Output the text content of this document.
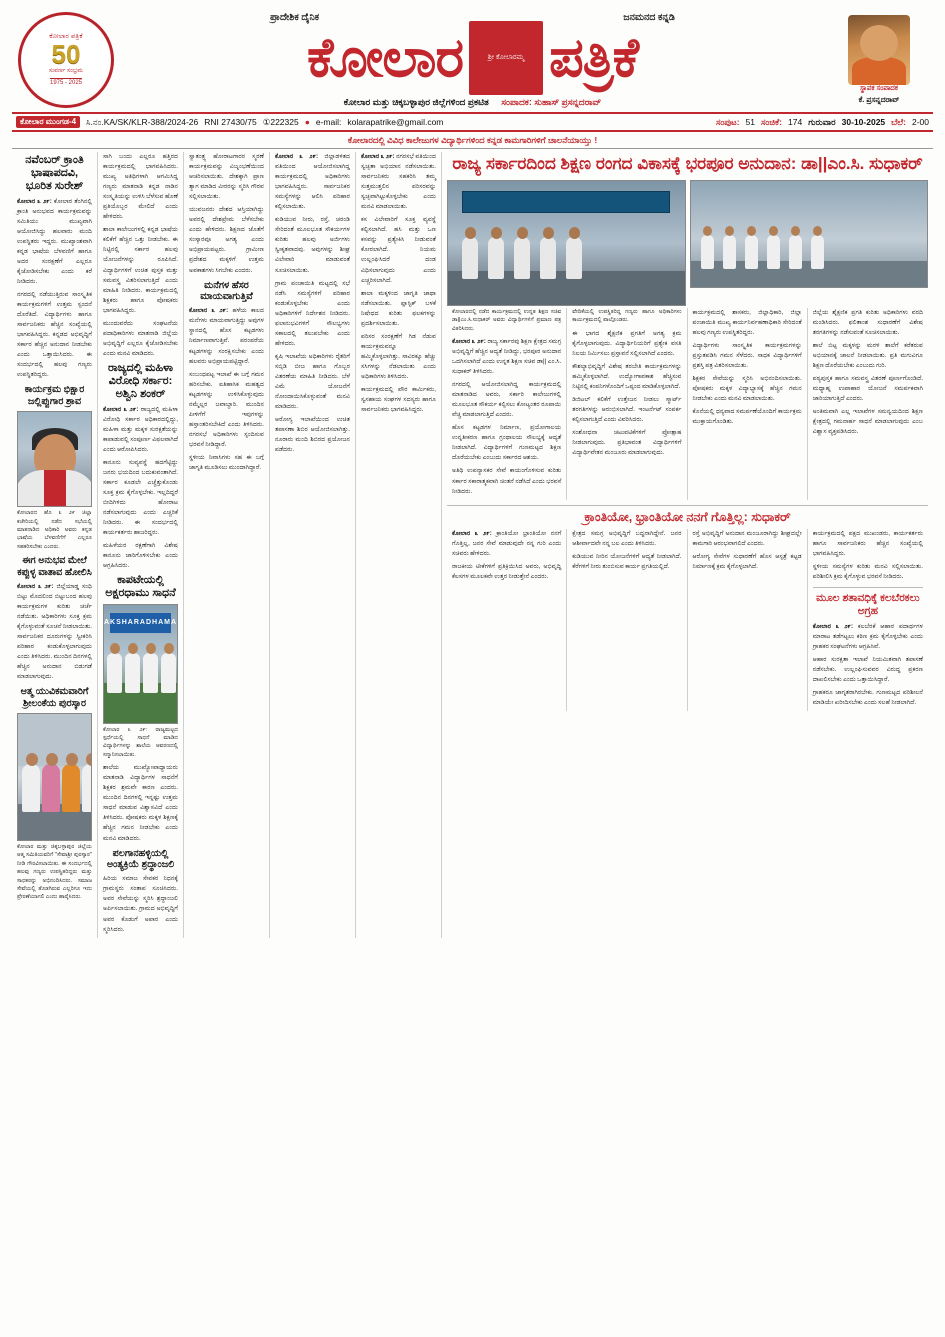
ಕೋಲಾರ ಪತ್ರಿಕೆ
50
ಸುವರ್ಣ ಸಂಭ್ರಮ
1975 - 2025
ಪ್ರಾದೇಶಿಕ ದೈನಿಕ	ಜನಮನದ ಕನ್ನಡಿ
ಕೋಲಾರ	ಶ್ರೀ ಕೋಲಾರಮ್ಮ ಪತ್ರಿಕೆ
ಕೋಲಾರ ಮತ್ತು ಚಿಕ್ಕಬಳ್ಳಾಪುರ ಜಿಲ್ಲೆಗಳಿಂದ ಪ್ರಕಟಿತ ಸಂಪಾದಕ: ಸುಹಾಸ್ ಪ್ರಸನ್ನದರಾವ್
ಸ್ಥಾಪಕ ಸಂಪಾದಕ
ಕೆ. ಪ್ರಸನ್ನದರಾವ್
ಕೋಲಾರ ಮುಂಗಡ-4	ಸಿ.ನಂ.KA/SK/KLR-388/2024-26 RNI 27430/75 ①222325 ● e-mail: kolarapatrike@gmail.com	ಸಂಪುಟ: 51 ಸಂಚಿಕೆ: 174 ಗುರುವಾರ 30-10-2025 ಬೆಲೆ: 2-00
ಕೋಲಾರದಲ್ಲಿ ವಿವಿಧ ಕಾಲೇಜುಗಳ ವಿದ್ಯಾರ್ಥಿಗಳಿಂದ ಕನ್ನಡ ಕಾಮಗಾರಿಗಳಿಗೆ ಚಾಲನೆಯಾಯ್ತು !
ನವೆಂಬರ್ ಕ್ರಾಂತಿ ಭಾಷಾಪದವಿ, ಭೂರಿತ ಸುರೇಶ್

ಕೋಲಾರ ೩ ೨೯: ಕೋಲಾರ ತೆಂಗಿನಲ್ಲಿ ಕ್ರಾಂತಿ ಅನುಭವದ ಕಾರ್ಯಕ್ರಮವನ್ನು ಸಮಿತಿಯು ಮುಖ್ಯವಾಗಿ ಆಯೋಜಿಸಿದ್ದು ಹಲವಾರು ಮಂದಿ ಉಪಸ್ಥಿತರು ಇದ್ದರು. ಮುಖ್ಯಾಂಶವಾಗಿ ಕನ್ನಡ ಭಾಷೆಯ ಬೆಳವಣಿಗೆ ಹಾಗೂ ಅದರ ಸಂರಕ್ಷಣೆಗೆ ಎಲ್ಲರೂ ಕೈಜೋಡಿಸಬೇಕು ಎಂದು ಕರೆ ನೀಡಿದರು.

ನಗರದಲ್ಲಿ ನಡೆಯುತ್ತಿರುವ ಸಾಂಸ್ಕೃತಿಕ ಕಾರ್ಯಕ್ರಮಗಳಿಗೆ ಉತ್ತಮ ಸ್ಪಂದನೆ ದೊರೆತಿದೆ. ವಿದ್ಯಾರ್ಥಿಗಳು ಹಾಗೂ ಸಾರ್ವಜನಿಕರು ಹೆಚ್ಚಿನ ಸಂಖ್ಯೆಯಲ್ಲಿ ಭಾಗವಹಿಸಿದ್ದರು. ಕನ್ನಡದ ಅಭಿವೃದ್ಧಿಗೆ ಸರ್ಕಾರ ಹೆಚ್ಚಿನ ಅನುದಾನ ನೀಡಬೇಕು ಎಂದು ಒತ್ತಾಯಿಸಿದರು. ಈ ಸಂದರ್ಭದಲ್ಲಿ ಹಲವು ಗಣ್ಯರು ಉಪಸ್ಥಿತರಿದ್ದರು.

ಕಾರ್ಯಕ್ರಮ ಭಿಕ್ಷಾರ ಜಲ್ಲಿಪ್ಪುಗಾರ ಶ್ರಾವ

ಕೋಲಾರದ ಹೊ ೩ ೨೯ ಜಿಲ್ಲಾ ಕಚೇರಿಯಲ್ಲಿ ನಡೆದ ಸಭೆಯಲ್ಲಿ ಮಾತನಾಡಿದ ಅಧಿಕಾರಿ ಅವರು ಕನ್ನಡ ಭಾಷೆಯ ಬೆಳವಣಿಗೆಗೆ ಎಲ್ಲರೂ ಸಹಕರಿಸಬೇಕು ಎಂದರು.

ಈಗ ಅನುಭವ ಮೇಲೆ ಕಪ್ಪುಳ್ಳ ವಾತಾವ ಹೋಲಿಸಿ

ಕೋಲಾರ ೩ ೨೯: ಜಿಲ್ಲೆಯಾಡ್ಡ ಸಂಧಿ ಬಿಟ್ಟು ಮೊದಲಿಂದ ಬಿಟ್ಟುಬಂದ ಹಲವು ಕಾರ್ಯಕ್ರಮಗಳ ಕುರಿತು ಚರ್ಚೆ ನಡೆಯಿತು. ಅಧಿಕಾರಿಗಳು ಸೂಕ್ತ ಕ್ರಮ ಕೈಗೊಳ್ಳುವಂತೆ ಸೂಚನೆ ನೀಡಲಾಯಿತು. ಸಾರ್ವಜನಿಕರ ದೂರುಗಳನ್ನು ಸ್ವೀಕರಿಸಿ ಪರಿಹಾರ ಕಂಡುಕೊಳ್ಳಲಾಗುವುದು ಎಂದು ತಿಳಿಸಿದರು. ಮುಂದಿನ ದಿನಗಳಲ್ಲಿ ಹೆಚ್ಚಿನ ಅನುದಾನ ಬಿಡುಗಡೆ ಮಾಡಲಾಗುವುದು.

ಆತ್ಮ ಯುವಿಕಮವಾರಿಗೆ ಶ್ರೀಲಂಕೆಯ ಪುರಸ್ಕಾರ

ಕೋಲಾರ ಮತ್ತು ಚಿಕ್ಕಬಳ್ಳಾಪುರ ಜಿಲ್ಲೆಯ ಆತ್ಮ ಸಮಿತಿಯವರಿಗೆ "ಸೇವಾಶ್ರೀ ಪುರಸ್ಕಾರ" ನೀಡಿ ಗೌರವಿಸಲಾಯಿತು. ಈ ಸಂದರ್ಭದಲ್ಲಿ ಹಲವು ಗಣ್ಯರು ಉಪಸ್ಥಿತರಿದ್ದರು ಮತ್ತು ಸಾಧಕರನ್ನು ಅಭಿನಂದಿಸಿದರು. ಸಮಾಜ ಸೇವೆಯಲ್ಲಿ ತೊಡಗಿರುವ ಎಲ್ಲರಿಗೂ ಇದು ಪ್ರೇರಣೆಯಾಗಲಿ ಎಂದು ಹಾರೈಸಿದರು.

ಸಾಗಿ ಬಂದು ಎಲ್ಲರೂ ಹತ್ತಿರದ ಕಾರ್ಯಕ್ರಮದಲ್ಲಿ ಭಾಗವಹಿಸಿದರು. ಮುಖ್ಯ ಅತಿಥಿಗಳಾಗಿ ಆಗಮಿಸಿದ್ದ ಗಣ್ಯರು ಮಾತನಾಡಿ ಕನ್ನಡ ನಾಡಿನ ಸಂಸ್ಕೃತಿಯನ್ನು ಉಳಿಸಿ ಬೆಳೆಸುವ ಹೊಣೆ ಪ್ರತಿಯೊಬ್ಬರ ಮೇಲಿದೆ ಎಂದು ಹೇಳಿದರು.

ಶಾಲಾ ಕಾಲೇಜುಗಳಲ್ಲಿ ಕನ್ನಡ ಭಾಷೆಯ ಕಲಿಕೆಗೆ ಹೆಚ್ಚಿನ ಒತ್ತು ನೀಡಬೇಕು. ಈ ನಿಟ್ಟಿನಲ್ಲಿ ಸರ್ಕಾರ ಹಲವು ಯೋಜನೆಗಳನ್ನು ರೂಪಿಸಿದೆ. ವಿದ್ಯಾರ್ಥಿಗಳಿಗೆ ಉಚಿತ ಪುಸ್ತಕ ಮತ್ತು ಸಮವಸ್ತ್ರ ವಿತರಿಸಲಾಗುತ್ತಿದೆ ಎಂದು ಮಾಹಿತಿ ನೀಡಿದರು. ಕಾರ್ಯಕ್ರಮದಲ್ಲಿ ಶಿಕ್ಷಕರು ಹಾಗೂ ಪೋಷಕರು ಭಾಗವಹಿಸಿದ್ದರು.

ಮುಂದುವರೆದು ಸಂಘಟನೆಯ ಪದಾಧಿಕಾರಿಗಳು ಮಾತನಾಡಿ ಜಿಲ್ಲೆಯ ಅಭಿವೃದ್ಧಿಗೆ ಎಲ್ಲರೂ ಕೈಜೋಡಿಸಬೇಕು ಎಂದು ಮನವಿ ಮಾಡಿದರು.

ರಾಜ್ಯದಲ್ಲಿ ಮಹಿಳಾ ವಿರೋಧಿ ಸರ್ಕಾರ: ಅಶ್ವಿನಿ ಶಂಕರ್

ಕೋಲಾರ ೩ ೨೯: ರಾಜ್ಯದಲ್ಲಿ ಮಹಿಳಾ ವಿರೋಧಿ ಸರ್ಕಾರ ಅಧಿಕಾರದಲ್ಲಿದ್ದು, ಮಹಿಳಾ ಮತ್ತು ಮಕ್ಕಳ ಸುರಕ್ಷತೆಯನ್ನು ಕಾಪಾಡುವಲ್ಲಿ ಸಂಪೂರ್ಣ ವಿಫಲವಾಗಿದೆ ಎಂದು ಆರೋಪಿಸಿದರು.

ಕಾನೂನು ಸುವ್ಯವಸ್ಥೆ ಹದಗೆಟ್ಟಿದ್ದು ಜನರು ಭಯದಿಂದ ಬದುಕುವಂತಾಗಿದೆ. ಸರ್ಕಾರ ಕೂಡಲೇ ಎಚ್ಚೆತ್ತುಕೊಂಡು ಸೂಕ್ತ ಕ್ರಮ ಕೈಗೊಳ್ಳಬೇಕು. ಇಲ್ಲದಿದ್ದರೆ ಬೀದಿಗಿಳಿದು ಹೋರಾಟ ನಡೆಸಲಾಗುವುದು ಎಂದು ಎಚ್ಚರಿಕೆ ನೀಡಿದರು. ಈ ಸಂದರ್ಭದಲ್ಲಿ ಕಾರ್ಯಕರ್ತರು ಹಾಜರಿದ್ದರು.

ಮಹಿಳೆಯರ ರಕ್ಷಣೆಗಾಗಿ ವಿಶೇಷ ಕಾನೂನು ಜಾರಿಗೊಳಿಸಬೇಕು ಎಂದು ಆಗ್ರಹಿಸಿದರು.

ಕಾಪಟೇಯಲ್ಲಿ ಅಕ್ಷರಧಾಮು ಸಾಧನೆ
AKSHARADHAMA

ಕೋಲಾರ ೩ ೨೯: ರಾಜ್ಯಮಟ್ಟದ ಸ್ಪರ್ಧೆಯಲ್ಲಿ ಸಾಧನೆ ಮಾಡಿದ ವಿದ್ಯಾರ್ಥಿಗಳನ್ನು ಶಾಲೆಯ ಆವರಣದಲ್ಲಿ ಸನ್ಮಾನಿಸಲಾಯಿತು.

ಶಾಲೆಯ ಮುಖ್ಯೋಪಾಧ್ಯಾಯರು ಮಾತನಾಡಿ ವಿದ್ಯಾರ್ಥಿಗಳ ಸಾಧನೆಗೆ ಶಿಕ್ಷಕರ ಶ್ರಮವೇ ಕಾರಣ ಎಂದರು. ಮುಂದಿನ ದಿನಗಳಲ್ಲಿ ಇನ್ನಷ್ಟು ಉತ್ತಮ ಸಾಧನೆ ಮಾಡುವ ವಿಶ್ವಾಸವಿದೆ ಎಂದು ತಿಳಿಸಿದರು. ಪೋಷಕರು ಮಕ್ಕಳ ಶಿಕ್ಷಣಕ್ಕೆ ಹೆಚ್ಚಿನ ಗಮನ ನೀಡಬೇಕು ಎಂದು ಮನವಿ ಮಾಡಿದರು.

ಪಲಗಾನಹಳ್ಳಿಯಲ್ಲಿ ಅಂತ್ಯಕ್ರಿಯೆ ಶ್ರದ್ಧಾಂಜಲಿ

ಹಿರಿಯ ಸಮಾಜ ಸೇವಕರ ನಿಧನಕ್ಕೆ ಗ್ರಾಮಸ್ಥರು ಸಂತಾಪ ಸೂಚಿಸಿದರು. ಅವರ ಸೇವೆಯನ್ನು ಸ್ಮರಿಸಿ ಶ್ರದ್ಧಾಂಜಲಿ ಅರ್ಪಿಸಲಾಯಿತು. ಗ್ರಾಮದ ಅಭಿವೃದ್ಧಿಗೆ ಅವರ ಕೊಡುಗೆ ಅಪಾರ ಎಂದು ಸ್ಮರಿಸಿದರು.

ಸ್ವಾತಂತ್ರ್ಯ ಹೋರಾಟಗಾರರ ಸ್ಮರಣೆ ಕಾರ್ಯಕ್ರಮವನ್ನು ವಿಜೃಂಭಣೆಯಿಂದ ಆಚರಿಸಲಾಯಿತು. ದೇಶಕ್ಕಾಗಿ ಪ್ರಾಣ ತ್ಯಾಗ ಮಾಡಿದ ವೀರರನ್ನು ಸ್ಮರಿಸಿ ಗೌರವ ಸಲ್ಲಿಸಲಾಯಿತು.

ಯುವಜನರು ದೇಶದ ಆಸ್ತಿಯಾಗಿದ್ದು ಅವರಲ್ಲಿ ದೇಶಪ್ರೇಮ ಬೆಳೆಸಬೇಕು ಎಂದು ಹೇಳಿದರು. ಶಿಕ್ಷಣದ ಜೊತೆಗೆ ಸಂಸ್ಕಾರವೂ ಅಗತ್ಯ ಎಂದು ಅಭಿಪ್ರಾಯಪಟ್ಟರು. ಗ್ರಾಮೀಣ ಪ್ರದೇಶದ ಮಕ್ಕಳಿಗೆ ಉತ್ತಮ ಅವಕಾಶಗಳು ಸಿಗಬೇಕು ಎಂದರು.

ಮನೆಗಳ ಹೆಸರ ಮಾಯವಾಗುತ್ತಿವೆ

ಕೋಲಾರ ೩ ೨೯: ಹಳೆಯ ಕಾಲದ ಮನೆಗಳು ಮಾಯವಾಗುತ್ತಿದ್ದು ಅವುಗಳ ಸ್ಥಾನದಲ್ಲಿ ಹೊಸ ಕಟ್ಟಡಗಳು ನಿರ್ಮಾಣವಾಗುತ್ತಿವೆ. ಪರಂಪರೆಯ ಕಟ್ಟಡಗಳನ್ನು ಸಂರಕ್ಷಿಸಬೇಕು ಎಂದು ಹಲವರು ಅಭಿಪ್ರಾಯಪಟ್ಟಿದ್ದಾರೆ.

ಸಂಬಂಧಪಟ್ಟ ಇಲಾಖೆ ಈ ಬಗ್ಗೆ ಗಮನ ಹರಿಸಬೇಕು. ಐತಿಹಾಸಿಕ ಮಹತ್ವದ ಕಟ್ಟಡಗಳನ್ನು ಉಳಿಸಿಕೊಳ್ಳುವುದು ನಮ್ಮೆಲ್ಲರ ಜವಾಬ್ದಾರಿ. ಮುಂದಿನ ಪೀಳಿಗೆಗೆ ಇವುಗಳನ್ನು ಹಸ್ತಾಂತರಿಸಬೇಕಿದೆ ಎಂದು ತಿಳಿಸಿದರು. ನಗರಸಭೆ ಅಧಿಕಾರಿಗಳು ಸ್ಪಂದಿಸುವ ಭರವಸೆ ನೀಡಿದ್ದಾರೆ.

ಸ್ಥಳೀಯ ನಿವಾಸಿಗಳು ಸಹ ಈ ಬಗ್ಗೆ ಜಾಗೃತಿ ಮೂಡಿಸಲು ಮುಂದಾಗಿದ್ದಾರೆ.

ಕೋಲಾರ ೩ ೨೯: ಜಿಲ್ಲಾಡಳಿತದ ವತಿಯಿಂದ ಆಯೋಜಿಸಲಾಗಿದ್ದ ಕಾರ್ಯಕ್ರಮದಲ್ಲಿ ಅಧಿಕಾರಿಗಳು ಭಾಗವಹಿಸಿದ್ದರು. ಸಾರ್ವಜನಿಕರ ಸಮಸ್ಯೆಗಳನ್ನು ಆಲಿಸಿ ಪರಿಹಾರ ಕಲ್ಪಿಸಲಾಯಿತು.

ಕುಡಿಯುವ ನೀರು, ರಸ್ತೆ, ಚರಂಡಿ ಸೇರಿದಂತೆ ಮೂಲಭೂತ ಸೌಕರ್ಯಗಳ ಕುರಿತು ಹಲವು ಅರ್ಜಿಗಳು ಸ್ವೀಕೃತವಾದವು. ಅವುಗಳನ್ನು ಶೀಘ್ರ ವಿಲೇವಾರಿ ಮಾಡುವಂತೆ ಸೂಚಿಸಲಾಯಿತು.

ಗ್ರಾಮ ಪಂಚಾಯಿತಿ ಮಟ್ಟದಲ್ಲಿ ಸಭೆ ನಡೆಸಿ ಸಮಸ್ಯೆಗಳಿಗೆ ಪರಿಹಾರ ಕಂಡುಕೊಳ್ಳಬೇಕು ಎಂದು ಅಧಿಕಾರಿಗಳಿಗೆ ನಿರ್ದೇಶನ ನೀಡಿದರು. ಫಲಾನುಭವಿಗಳಿಗೆ ಸೌಲಭ್ಯಗಳು ಸಕಾಲದಲ್ಲಿ ತಲುಪಬೇಕು ಎಂದು ಹೇಳಿದರು.

ಕೃಷಿ ಇಲಾಖೆಯ ಅಧಿಕಾರಿಗಳು ರೈತರಿಗೆ ಸಬ್ಸಿಡಿ ಬೀಜ ಹಾಗೂ ಗೊಬ್ಬರ ವಿತರಣೆಯ ಮಾಹಿತಿ ನೀಡಿದರು. ಬೆಳೆ ವಿಮೆ ಯೋಜನೆಗೆ ನೋಂದಾಯಿಸಿಕೊಳ್ಳುವಂತೆ ಮನವಿ ಮಾಡಿದರು.

ಆರೋಗ್ಯ ಇಲಾಖೆಯಿಂದ ಉಚಿತ ತಪಾಸಣಾ ಶಿಬಿರ ಆಯೋಜಿಸಲಾಗಿತ್ತು. ನೂರಾರು ಮಂದಿ ಶಿಬಿರದ ಪ್ರಯೋಜನ ಪಡೆದರು.

ಕೋಲಾರ ೩ ೨೯: ನಗರಸಭೆ ವತಿಯಿಂದ ಸ್ವಚ್ಛತಾ ಅಭಿಯಾನ ನಡೆಸಲಾಯಿತು. ಸಾರ್ವಜನಿಕರು ಸಹಕರಿಸಿ ತಮ್ಮ ಸುತ್ತಮುತ್ತಲಿನ ಪರಿಸರವನ್ನು ಸ್ವಚ್ಛವಾಗಿಟ್ಟುಕೊಳ್ಳಬೇಕು ಎಂದು ಮನವಿ ಮಾಡಲಾಯಿತು.

ಕಸ ವಿಲೇವಾರಿಗೆ ಸೂಕ್ತ ವ್ಯವಸ್ಥೆ ಕಲ್ಪಿಸಲಾಗಿದೆ. ಹಸಿ ಮತ್ತು ಒಣ ಕಸವನ್ನು ಪ್ರತ್ಯೇಕಿಸಿ ನೀಡುವಂತೆ ಕೋರಲಾಗಿದೆ. ನಿಯಮ ಉಲ್ಲಂಘಿಸಿದರೆ ದಂಡ ವಿಧಿಸಲಾಗುವುದು ಎಂದು ಎಚ್ಚರಿಸಲಾಗಿದೆ.

ಶಾಲಾ ಮಕ್ಕಳಿಂದ ಜಾಗೃತಿ ಜಾಥಾ ನಡೆಸಲಾಯಿತು. ಪ್ಲಾಸ್ಟಿಕ್ ಬಳಕೆ ನಿಷೇಧದ ಕುರಿತು ಫಲಕಗಳನ್ನು ಪ್ರದರ್ಶಿಸಲಾಯಿತು.

ಪರಿಸರ ಸಂರಕ್ಷಣೆಗೆ ಗಿಡ ನೆಡುವ ಕಾರ್ಯಕ್ರಮವನ್ನೂ ಹಮ್ಮಿಕೊಳ್ಳಲಾಗಿತ್ತು. ಸಾವಿರಕ್ಕೂ ಹೆಚ್ಚು ಸಸಿಗಳನ್ನು ನೆಡಲಾಯಿತು ಎಂದು ಅಧಿಕಾರಿಗಳು ತಿಳಿಸಿದರು.

ಕಾರ್ಯಕ್ರಮದಲ್ಲಿ ಪೌರ ಕಾರ್ಮಿಕರು, ಸ್ವಸಹಾಯ ಸಂಘಗಳ ಸದಸ್ಯರು ಹಾಗೂ ಸಾರ್ವಜನಿಕರು ಭಾಗವಹಿಸಿದ್ದರು.

ರಾಜ್ಯ ಸರ್ಕಾರದಿಂದ ಶಿಕ್ಷಣ ರಂಗದ ವಿಕಾಸಕ್ಕೆ ಭರಪೂರ ಅನುದಾನ: ಡಾ||ಎಂ.ಸಿ. ಸುಧಾಕರ್

ಕೋಲಾರದಲ್ಲಿ ನಡೆದ ಕಾರ್ಯಕ್ರಮದಲ್ಲಿ ಉನ್ನತ ಶಿಕ್ಷಣ ಸಚಿವ ಡಾ||ಎಂ.ಸಿ.ಸುಧಾಕರ್ ಅವರು ವಿದ್ಯಾರ್ಥಿಗಳಿಗೆ ಪ್ರಮಾಣ ಪತ್ರ ವಿತರಿಸಿದರು.

ಕೋಲಾರ ೩ ೨೯: ರಾಜ್ಯ ಸರ್ಕಾರವು ಶಿಕ್ಷಣ ಕ್ಷೇತ್ರದ ಸಮಗ್ರ ಅಭಿವೃದ್ಧಿಗೆ ಹೆಚ್ಚಿನ ಆದ್ಯತೆ ನೀಡಿದ್ದು, ಭರಪೂರ ಅನುದಾನ ಒದಗಿಸಲಾಗಿದೆ ಎಂದು ಉನ್ನತ ಶಿಕ್ಷಣ ಸಚಿವ ಡಾ|| ಎಂ.ಸಿ. ಸುಧಾಕರ್ ತಿಳಿಸಿದರು.

ನಗರದಲ್ಲಿ ಆಯೋಜಿಸಲಾಗಿದ್ದ ಕಾರ್ಯಕ್ರಮದಲ್ಲಿ ಮಾತನಾಡಿದ ಅವರು, ಸರ್ಕಾರಿ ಕಾಲೇಜುಗಳಲ್ಲಿ ಮೂಲಭೂತ ಸೌಕರ್ಯ ಕಲ್ಪಿಸಲು ಕೋಟ್ಯಂತರ ರೂಪಾಯಿ ವೆಚ್ಚ ಮಾಡಲಾಗುತ್ತಿದೆ ಎಂದರು.

ಹೊಸ ಕಟ್ಟಡಗಳ ನಿರ್ಮಾಣ, ಪ್ರಯೋಗಾಲಯ ಉನ್ನತೀಕರಣ ಹಾಗೂ ಗ್ರಂಥಾಲಯ ಸೌಲಭ್ಯಕ್ಕೆ ಆದ್ಯತೆ ನೀಡಲಾಗಿದೆ. ವಿದ್ಯಾರ್ಥಿಗಳಿಗೆ ಗುಣಮಟ್ಟದ ಶಿಕ್ಷಣ ದೊರೆಯಬೇಕು ಎಂಬುದು ಸರ್ಕಾರದ ಆಶಯ.

ಅತಿಥಿ ಉಪನ್ಯಾಸಕರ ಸೇವೆ ಕಾಯಂಗೊಳಿಸುವ ಕುರಿತು ಸರ್ಕಾರ ಸಕಾರಾತ್ಮಕವಾಗಿ ಚಿಂತನೆ ನಡೆಸಿದೆ ಎಂದು ಭರವಸೆ ನೀಡಿದರು.

ವೇದಿಕೆಯಲ್ಲಿ ಉಪಸ್ಥಿತರಿದ್ದ ಗಣ್ಯರು ಹಾಗೂ ಅಧಿಕಾರಿಗಳು ಕಾರ್ಯಕ್ರಮದಲ್ಲಿ ಪಾಲ್ಗೊಂಡರು.

ಈ ಭಾಗದ ಶೈಕ್ಷಣಿಕ ಪ್ರಗತಿಗೆ ಅಗತ್ಯ ಕ್ರಮ ಕೈಗೊಳ್ಳಲಾಗುವುದು. ವಿದ್ಯಾರ್ಥಿನಿಯರಿಗೆ ಪ್ರತ್ಯೇಕ ವಸತಿ ನಿಲಯ ನಿರ್ಮಿಸಲು ಪ್ರಸ್ತಾವನೆ ಸಲ್ಲಿಸಲಾಗಿದೆ ಎಂದರು.

ಕೌಶಲ್ಯಾಭಿವೃದ್ಧಿಗೆ ವಿಶೇಷ ತರಬೇತಿ ಕಾರ್ಯಕ್ರಮಗಳನ್ನು ಹಮ್ಮಿಕೊಳ್ಳಲಾಗಿದೆ. ಉದ್ಯೋಗಾವಕಾಶ ಹೆಚ್ಚಿಸುವ ನಿಟ್ಟಿನಲ್ಲಿ ಕಂಪನಿಗಳೊಂದಿಗೆ ಒಪ್ಪಂದ ಮಾಡಿಕೊಳ್ಳಲಾಗಿದೆ.

ಡಿಜಿಟಲ್ ಕಲಿಕೆಗೆ ಉತ್ತೇಜನ ನೀಡಲು ಸ್ಮಾರ್ಟ್ ತರಗತಿಗಳನ್ನು ಆರಂಭಿಸಲಾಗಿದೆ. ಇಂಟರ್ನೆಟ್ ಸಂಪರ್ಕ ಕಲ್ಪಿಸಲಾಗುತ್ತಿದೆ ಎಂದು ವಿವರಿಸಿದರು.

ಸಂಶೋಧನಾ ಚಟುವಟಿಕೆಗಳಿಗೆ ಪ್ರೋತ್ಸಾಹ ನೀಡಲಾಗುವುದು. ಪ್ರತಿಭಾವಂತ ವಿದ್ಯಾರ್ಥಿಗಳಿಗೆ ವಿದ್ಯಾರ್ಥಿವೇತನ ಮಂಜೂರು ಮಾಡಲಾಗುವುದು.

ಕಾರ್ಯಕ್ರಮದಲ್ಲಿ ಶಾಸಕರು, ಜಿಲ್ಲಾಧಿಕಾರಿ, ಜಿಲ್ಲಾ ಪಂಚಾಯಿತಿ ಮುಖ್ಯ ಕಾರ್ಯನಿರ್ವಹಣಾಧಿಕಾರಿ ಸೇರಿದಂತೆ ಹಲವು ಗಣ್ಯರು ಉಪಸ್ಥಿತರಿದ್ದರು.

ವಿದ್ಯಾರ್ಥಿಗಳು ಸಾಂಸ್ಕೃತಿಕ ಕಾರ್ಯಕ್ರಮಗಳನ್ನು ಪ್ರಸ್ತುತಪಡಿಸಿ ಗಮನ ಸೆಳೆದರು. ಸಾಧಕ ವಿದ್ಯಾರ್ಥಿಗಳಿಗೆ ಪ್ರಶಸ್ತಿ ಪತ್ರ ವಿತರಿಸಲಾಯಿತು.

ಶಿಕ್ಷಕರ ಸೇವೆಯನ್ನು ಸ್ಮರಿಸಿ ಅಭಿನಂದಿಸಲಾಯಿತು. ಪೋಷಕರು ಮಕ್ಕಳ ವಿದ್ಯಾಭ್ಯಾಸಕ್ಕೆ ಹೆಚ್ಚಿನ ಗಮನ ನೀಡಬೇಕು ಎಂದು ಮನವಿ ಮಾಡಲಾಯಿತು.

ಕೊನೆಯಲ್ಲಿ ಧನ್ಯವಾದ ಸಮರ್ಪಣೆಯೊಂದಿಗೆ ಕಾರ್ಯಕ್ರಮ ಮುಕ್ತಾಯಗೊಂಡಿತು.

ಜಿಲ್ಲೆಯ ಶೈಕ್ಷಣಿಕ ಪ್ರಗತಿ ಕುರಿತು ಅಧಿಕಾರಿಗಳು ವರದಿ ಮಂಡಿಸಿದರು. ಫಲಿತಾಂಶ ಸುಧಾರಣೆಗೆ ವಿಶೇಷ ತರಗತಿಗಳನ್ನು ನಡೆಸುವಂತೆ ಸೂಚಿಸಲಾಯಿತು.

ಶಾಲೆ ಬಿಟ್ಟ ಮಕ್ಕಳನ್ನು ಮರಳಿ ಶಾಲೆಗೆ ಕರೆತರುವ ಅಭಿಯಾನಕ್ಕೆ ಚಾಲನೆ ನೀಡಲಾಯಿತು. ಪ್ರತಿ ಮಗುವಿಗೂ ಶಿಕ್ಷಣ ದೊರೆಯಬೇಕು ಎಂಬುದು ಗುರಿ.

ಪಠ್ಯಪುಸ್ತಕ ಹಾಗೂ ಸಮವಸ್ತ್ರ ವಿತರಣೆ ಪೂರ್ಣಗೊಂಡಿದೆ. ಮಧ್ಯಾಹ್ನ ಉಪಾಹಾರ ಯೋಜನೆ ಸಮರ್ಪಕವಾಗಿ ಜಾರಿಯಾಗುತ್ತಿದೆ ಎಂದರು.

ಅಂತಿಮವಾಗಿ ಎಲ್ಲ ಇಲಾಖೆಗಳ ಸಮನ್ವಯದಿಂದ ಶಿಕ್ಷಣ ಕ್ಷೇತ್ರದಲ್ಲಿ ಗಮನಾರ್ಹ ಸಾಧನೆ ಮಾಡಲಾಗುವುದು ಎಂಬ ವಿಶ್ವಾಸ ವ್ಯಕ್ತಪಡಿಸಿದರು.

ಕ್ರಾಂತಿಯೋ, ಭ್ರಾಂತಿಯೋ ನನಗೆ ಗೊತ್ತಿಲ್ಲ: ಸುಧಾಕರ್

ಕೋಲಾರ ೩ ೨೯: ಕ್ರಾಂತಿಯೋ ಭ್ರಾಂತಿಯೋ ನನಗೆ ಗೊತ್ತಿಲ್ಲ, ಜನರ ಸೇವೆ ಮಾಡುವುದೇ ನನ್ನ ಗುರಿ ಎಂದು ಸಚಿವರು ಹೇಳಿದರು.

ರಾಜಕೀಯ ಟೀಕೆಗಳಿಗೆ ಪ್ರತಿಕ್ರಿಯಿಸಿದ ಅವರು, ಅಭಿವೃದ್ಧಿ ಕೆಲಸಗಳ ಮೂಲಕವೇ ಉತ್ತರ ನೀಡುತ್ತೇನೆ ಎಂದರು.

ಕ್ಷೇತ್ರದ ಸಮಗ್ರ ಅಭಿವೃದ್ಧಿಗೆ ಬದ್ಧನಾಗಿದ್ದೇನೆ. ಜನರ ಆಶೀರ್ವಾದವೇ ನನ್ನ ಬಲ ಎಂದು ತಿಳಿಸಿದರು.

ಕುಡಿಯುವ ನೀರಿನ ಯೋಜನೆಗಳಿಗೆ ಆದ್ಯತೆ ನೀಡಲಾಗಿದೆ. ಕೆರೆಗಳಿಗೆ ನೀರು ತುಂಬಿಸುವ ಕಾರ್ಯ ಪ್ರಗತಿಯಲ್ಲಿದೆ.

ರಸ್ತೆ ಅಭಿವೃದ್ಧಿಗೆ ಅನುದಾನ ಮಂಜೂರಾಗಿದ್ದು ಶೀಘ್ರದಲ್ಲೇ ಕಾಮಗಾರಿ ಆರಂಭವಾಗಲಿದೆ ಎಂದರು.

ಆರೋಗ್ಯ ಸೇವೆಗಳ ಸುಧಾರಣೆಗೆ ಹೊಸ ಆಸ್ಪತ್ರೆ ಕಟ್ಟಡ ನಿರ್ಮಾಣಕ್ಕೆ ಕ್ರಮ ಕೈಗೊಳ್ಳಲಾಗಿದೆ.

ಕಾರ್ಯಕ್ರಮದಲ್ಲಿ ಪಕ್ಷದ ಮುಖಂಡರು, ಕಾರ್ಯಕರ್ತರು ಹಾಗೂ ಸಾರ್ವಜನಿಕರು ಹೆಚ್ಚಿನ ಸಂಖ್ಯೆಯಲ್ಲಿ ಭಾಗವಹಿಸಿದ್ದರು.

ಸ್ಥಳೀಯ ಸಮಸ್ಯೆಗಳ ಕುರಿತು ಮನವಿ ಸಲ್ಲಿಸಲಾಯಿತು. ಪರಿಶೀಲಿಸಿ ಕ್ರಮ ಕೈಗೊಳ್ಳುವ ಭರವಸೆ ನೀಡಿದರು.

ಮೂಲ ಶತಾವಧಿಕ್ಕೆ ಕಲಬೆರಕಲು ಅಗ್ರಹ

ಕೋಲಾರ ೩ ೨೯: ಕಲಬೆರಕೆ ಆಹಾರ ಪದಾರ್ಥಗಳ ಮಾರಾಟ ತಡೆಗಟ್ಟಲು ಕಠಿಣ ಕ್ರಮ ಕೈಗೊಳ್ಳಬೇಕು ಎಂದು ಗ್ರಾಹಕರ ಸಂಘಟನೆಗಳು ಆಗ್ರಹಿಸಿವೆ.

ಆಹಾರ ಸುರಕ್ಷತಾ ಇಲಾಖೆ ನಿಯಮಿತವಾಗಿ ತಪಾಸಣೆ ನಡೆಸಬೇಕು. ಉಲ್ಲಂಘಿಸುವವರ ವಿರುದ್ಧ ಪ್ರಕರಣ ದಾಖಲಿಸಬೇಕು ಎಂದು ಒತ್ತಾಯಿಸಿದ್ದಾರೆ.

ಗ್ರಾಹಕರೂ ಜಾಗೃತರಾಗಿರಬೇಕು. ಗುಣಮಟ್ಟದ ಪರಿಶೀಲನೆ ಮಾಡಿಯೇ ಖರೀದಿಸಬೇಕು ಎಂದು ಸಲಹೆ ನೀಡಲಾಗಿದೆ.
